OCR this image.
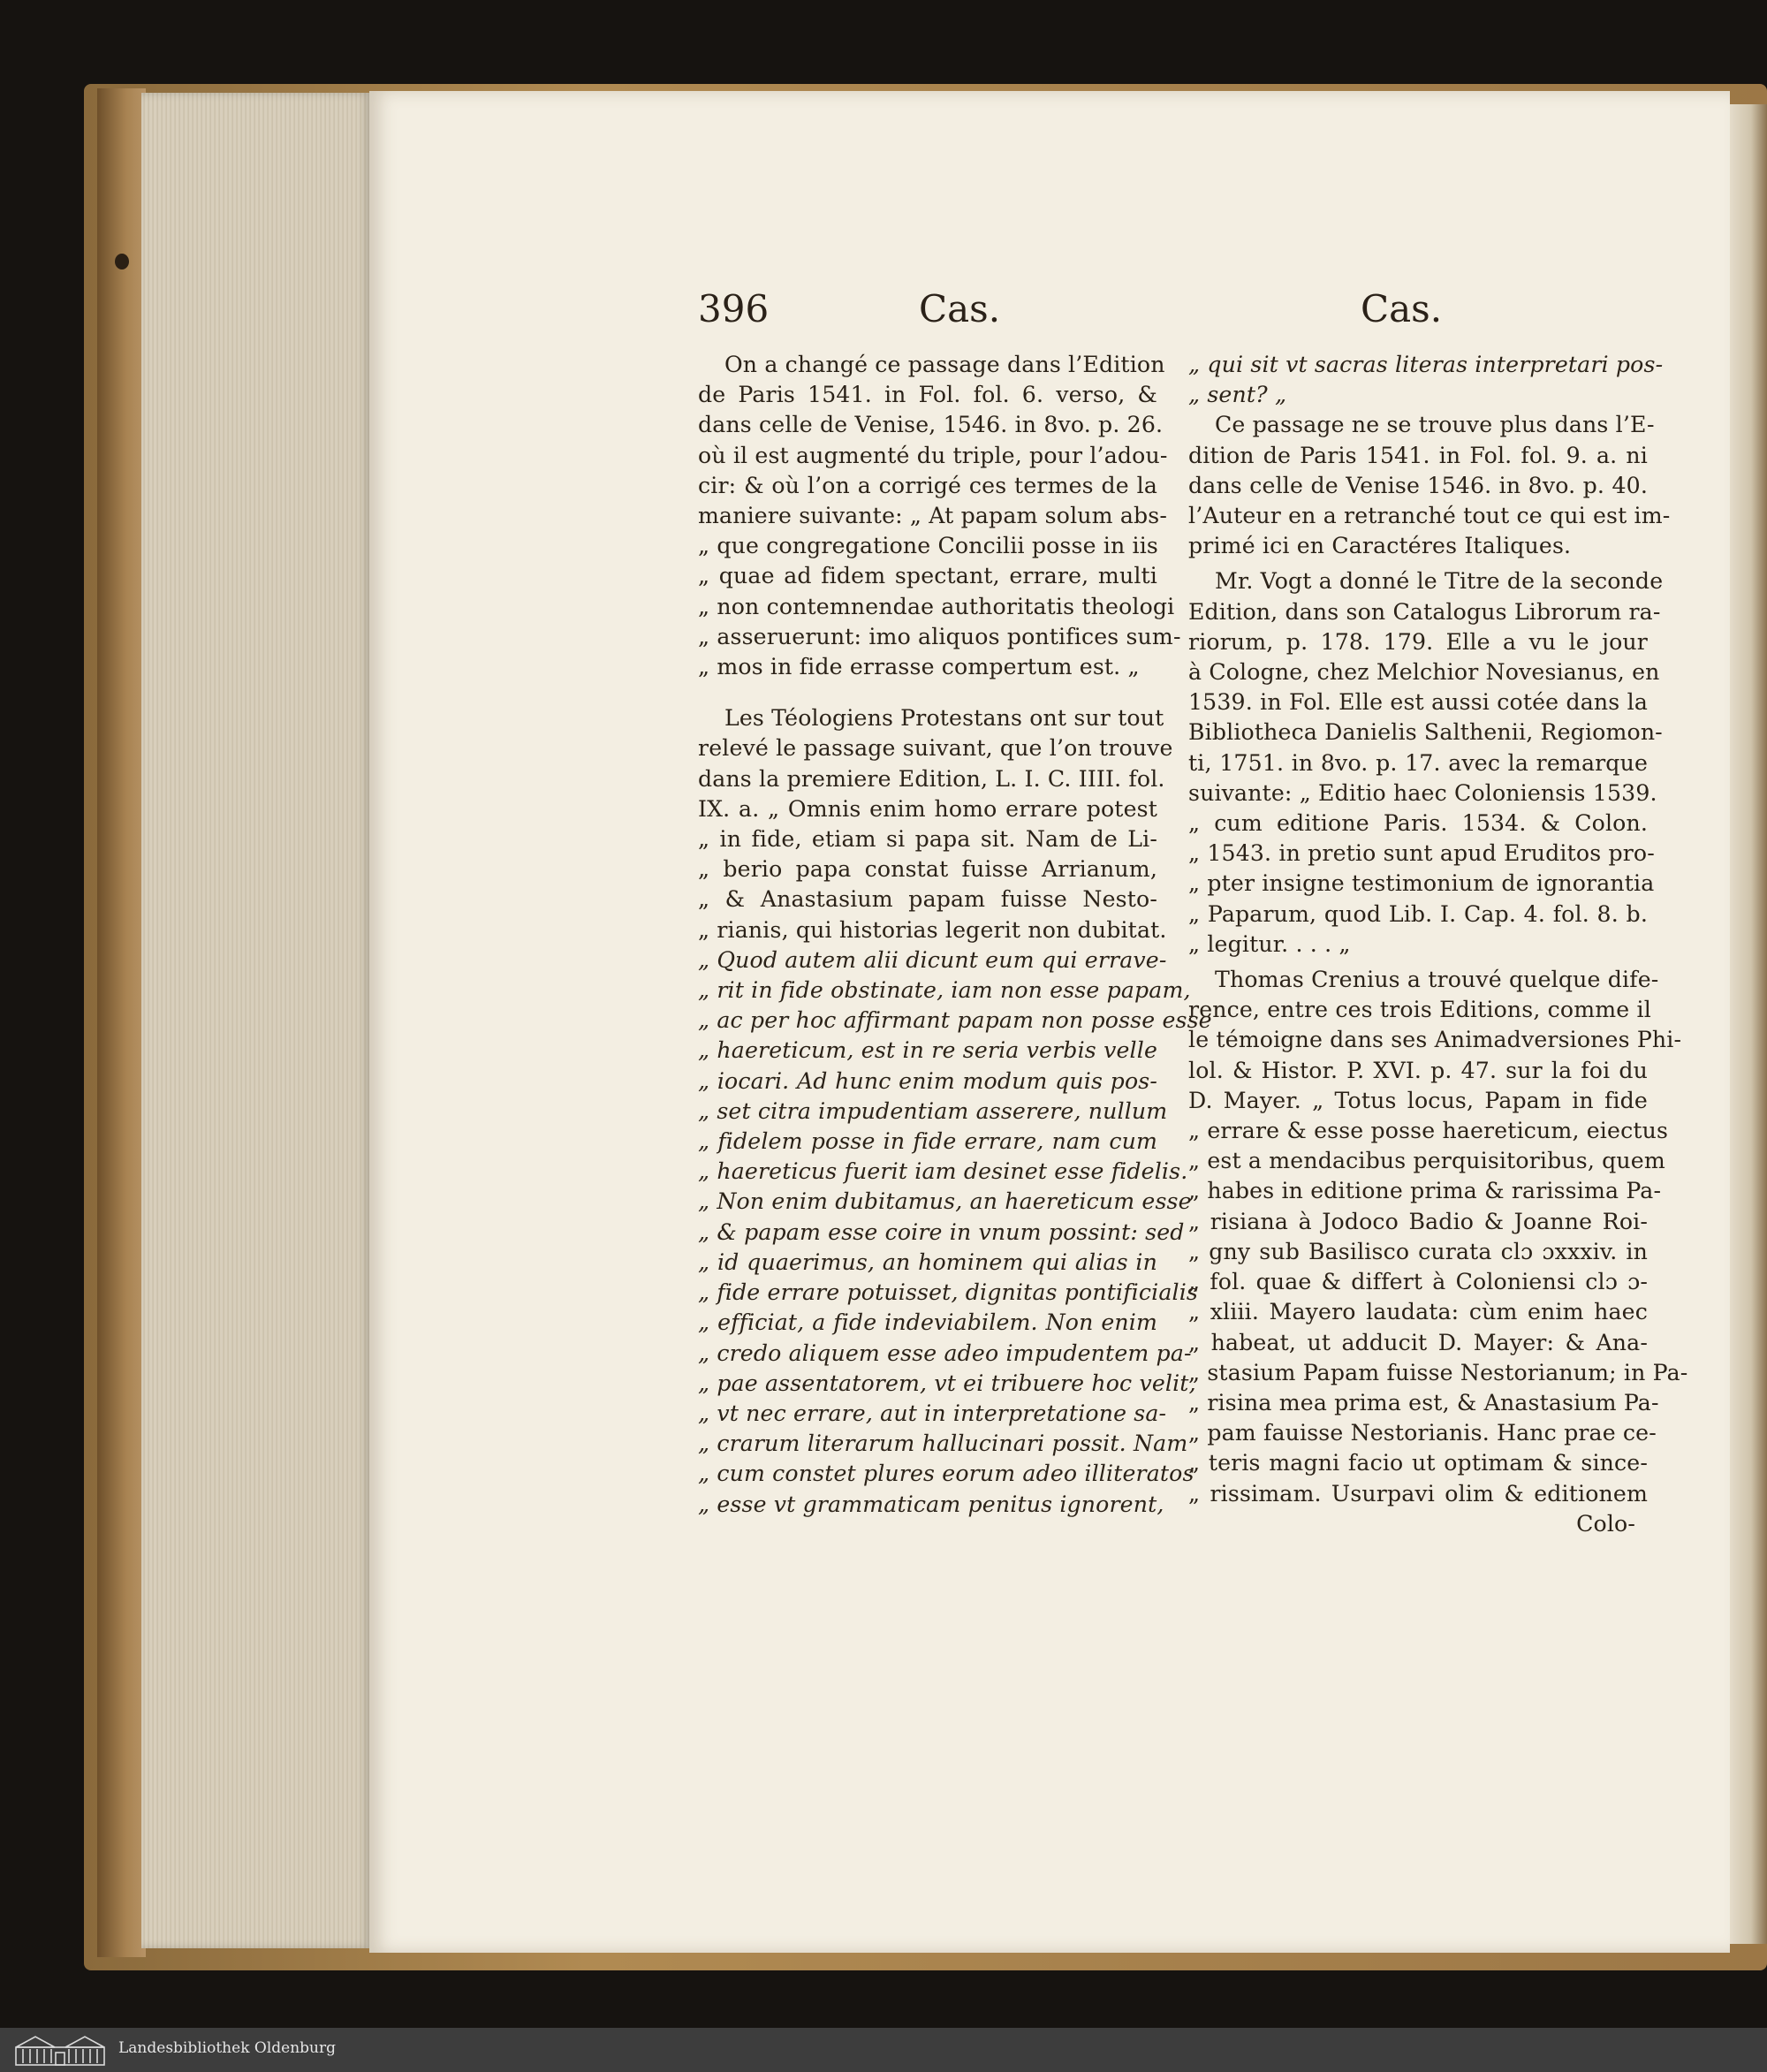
396	Cas.	Cas.
On a changé ce passage dans l’Edition
de Paris 1541. in Fol. fol. 6. verso, &
dans celle de Venise, 1546. in 8vo. p. 26.
où il est augmenté du triple, pour l’adou-
cir: & où l’on a corrigé ces termes de la
maniere suivante: „ At papam solum abs-
„ que congregatione Concilii posse in iis
„ quae ad fidem spectant, errare, multi
„ non contemnendae authoritatis theologi
„ asseruerunt: imo aliquos pontifices sum-
„ mos in fide errasse compertum est. „
Les Téologiens Protestans ont sur tout
relevé le passage suivant, que l’on trouve
dans la premiere Edition, L. I. C. IIII. fol.
IX. a. „ Omnis enim homo errare potest
„ in fide, etiam si papa sit. Nam de Li-
„ berio papa constat fuisse Arrianum,
„ & Anastasium papam fuisse Nesto-
„ rianis, qui historias legerit non dubitat.
„ Quod autem alii dicunt eum qui errave-
„ rit in fide obstinate, iam non esse papam,
„ ac per hoc affirmant papam non posse esse
„ haereticum, est in re seria verbis velle
„ iocari. Ad hunc enim modum quis pos-
„ set citra impudentiam asserere, nullum
„ fidelem posse in fide errare, nam cum
„ haereticus fuerit iam desinet esse fidelis.
„ Non enim dubitamus, an haereticum esse
„ & papam esse coire in vnum possint: sed
„ id quaerimus, an hominem qui alias in
„ fide errare potuisset, dignitas pontificialis
„ efficiat, a fide indeviabilem. Non enim
„ credo aliquem esse adeo impudentem pa-
„ pae assentatorem, vt ei tribuere hoc velit,
„ vt nec errare, aut in interpretatione sa-
„ crarum literarum hallucinari possit. Nam
„ cum constet plures eorum adeo illiteratos
„ esse vt grammaticam penitus ignorent,
„ qui sit vt sacras literas interpretari pos-
„ sent? „
Ce passage ne se trouve plus dans l’E-
dition de Paris 1541. in Fol. fol. 9. a. ni
dans celle de Venise 1546. in 8vo. p. 40.
l’Auteur en a retranché tout ce qui est im-
primé ici en Caractéres Italiques.
Mr. Vogt a donné le Titre de la seconde
Edition, dans son Catalogus Librorum ra-
riorum, p. 178. 179. Elle a vu le jour
à Cologne, chez Melchior Novesianus, en
1539. in Fol. Elle est aussi cotée dans la
Bibliotheca Danielis Salthenii, Regiomon-
ti, 1751. in 8vo. p. 17. avec la remarque
suivante: „ Editio haec Coloniensis 1539.
„ cum editione Paris. 1534. & Colon.
„ 1543. in pretio sunt apud Eruditos pro-
„ pter insigne testimonium de ignorantia
„ Paparum, quod Lib. I. Cap. 4. fol. 8. b.
„ legitur. . . . „
Thomas Crenius a trouvé quelque dife-
rence, entre ces trois Editions, comme il
le témoigne dans ses Animadversiones Phi-
lol. & Histor. P. XVI. p. 47. sur la foi du
D. Mayer. „ Totus locus, Papam in fide
„ errare & esse posse haereticum, eiectus
„ est a mendacibus perquisitoribus, quem
„ habes in editione prima & rarissima Pa-
„ risiana à Jodoco Badio & Joanne Roi-
„ gny sub Basilisco curata clɔ ɔxxxiv. in
„ fol. quae & differt à Coloniensi clɔ ɔ-
„ xliii. Mayero laudata: cùm enim haec
„ habeat, ut adducit D. Mayer: & Ana-
„ stasium Papam fuisse Nestorianum; in Pa-
„ risina mea prima est, & Anastasium Pa-
„ pam fauisse Nestorianis. Hanc prae ce-
„ teris magni facio ut optimam & since-
„ rissimam. Usurpavi olim & editionem
Colo-
Landesbibliothek Oldenburg
